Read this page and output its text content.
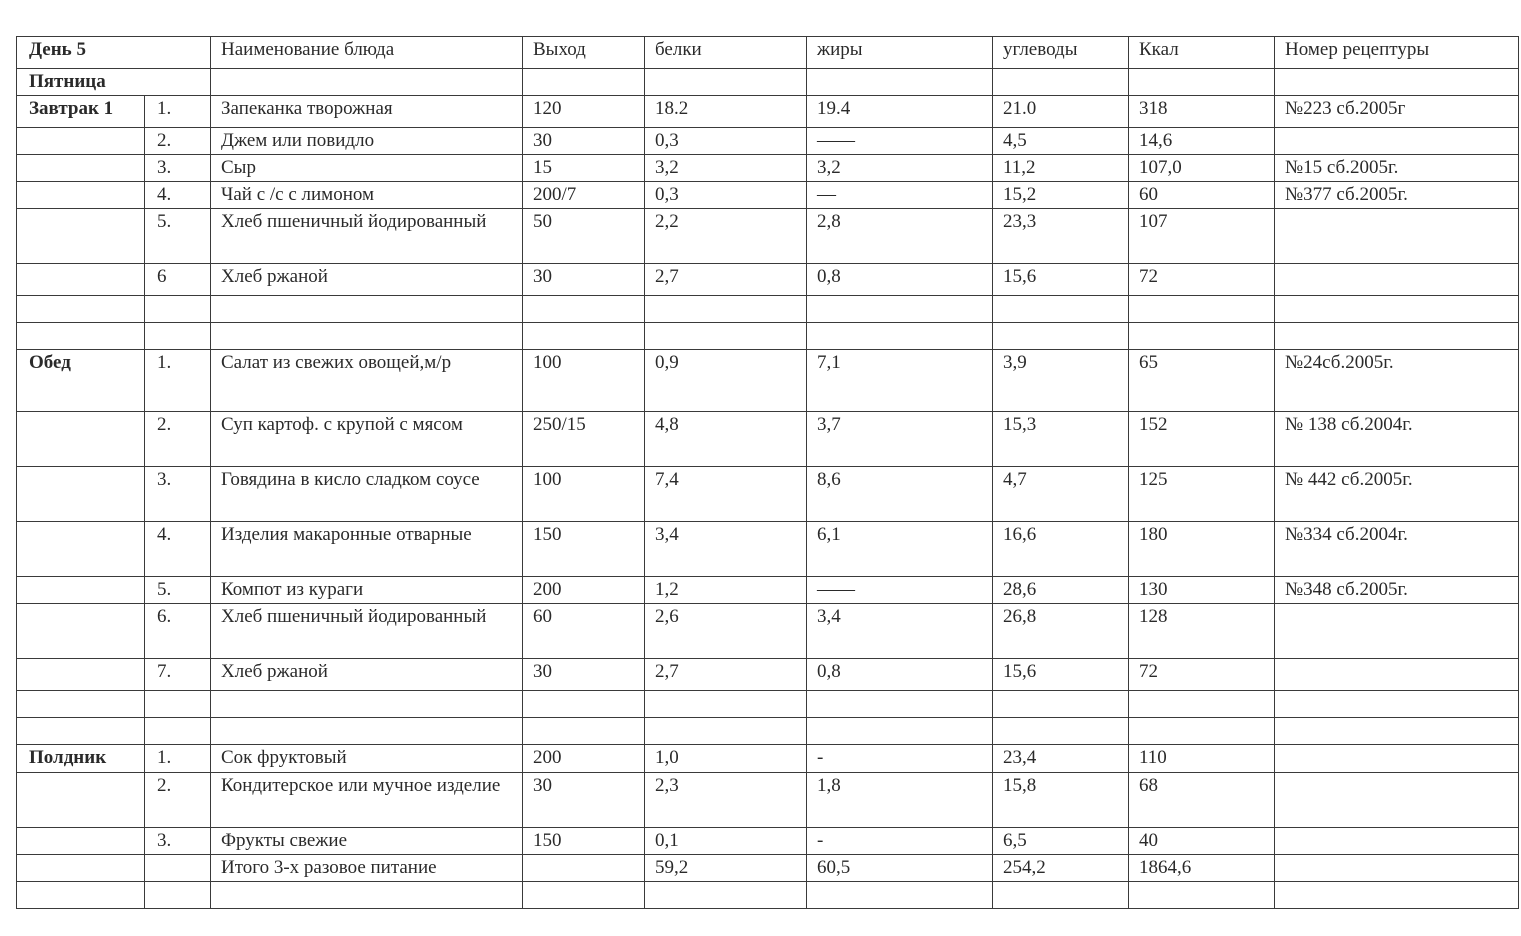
День 5		Наименование блюда	Выход	белки	жиры	углеводы	Ккал	Номер рецептуры
Пятница								
Завтрак 1	1.	Запеканка творожная	120	18.2	19.4	21.0	318	№223 сб.2005г
	2.	Джем или повидло	30	0,3	——	4,5	14,6	
	3.	Сыр	15	3,2	3,2	11,2	107,0	№15 сб.2005г.
	4.	Чай с /с с лимоном	200/7	0,3	—	15,2	60	№377 сб.2005г.
	5.	Хлеб пшеничный йодированный	50	2,2	2,8	23,3	107	
	6	Хлеб ржаной	30	2,7	0,8	15,6	72	

Обед	1.	Салат из свежих овощей,м/р	100	0,9	7,1	3,9	65	№24сб.2005г.
	2.	Суп картоф. с крупой с мясом	250/15	4,8	3,7	15,3	152	№ 138 сб.2004г.
	3.	Говядина в кисло сладком соусе	100	7,4	8,6	4,7	125	№ 442 сб.2005г.
	4.	Изделия макаронные отварные	150	3,4	6,1	16,6	180	№334 сб.2004г.
	5.	Компот из кураги	200	1,2	——	28,6	130	№348 сб.2005г.
	6.	Хлеб пшеничный йодированный	60	2,6	3,4	26,8	128	
	7.	Хлеб ржаной	30	2,7	0,8	15,6	72	

Полдник	1.	Сок фруктовый	200	1,0	-	23,4	110	
	2.	Кондитерское или мучное изделие	30	2,3	1,8	15,8	68	
	3.	Фрукты свежие	150	0,1	-	6,5	40	
		Итого 3-х разовое питание		59,2	60,5	254,2	1864,6	
